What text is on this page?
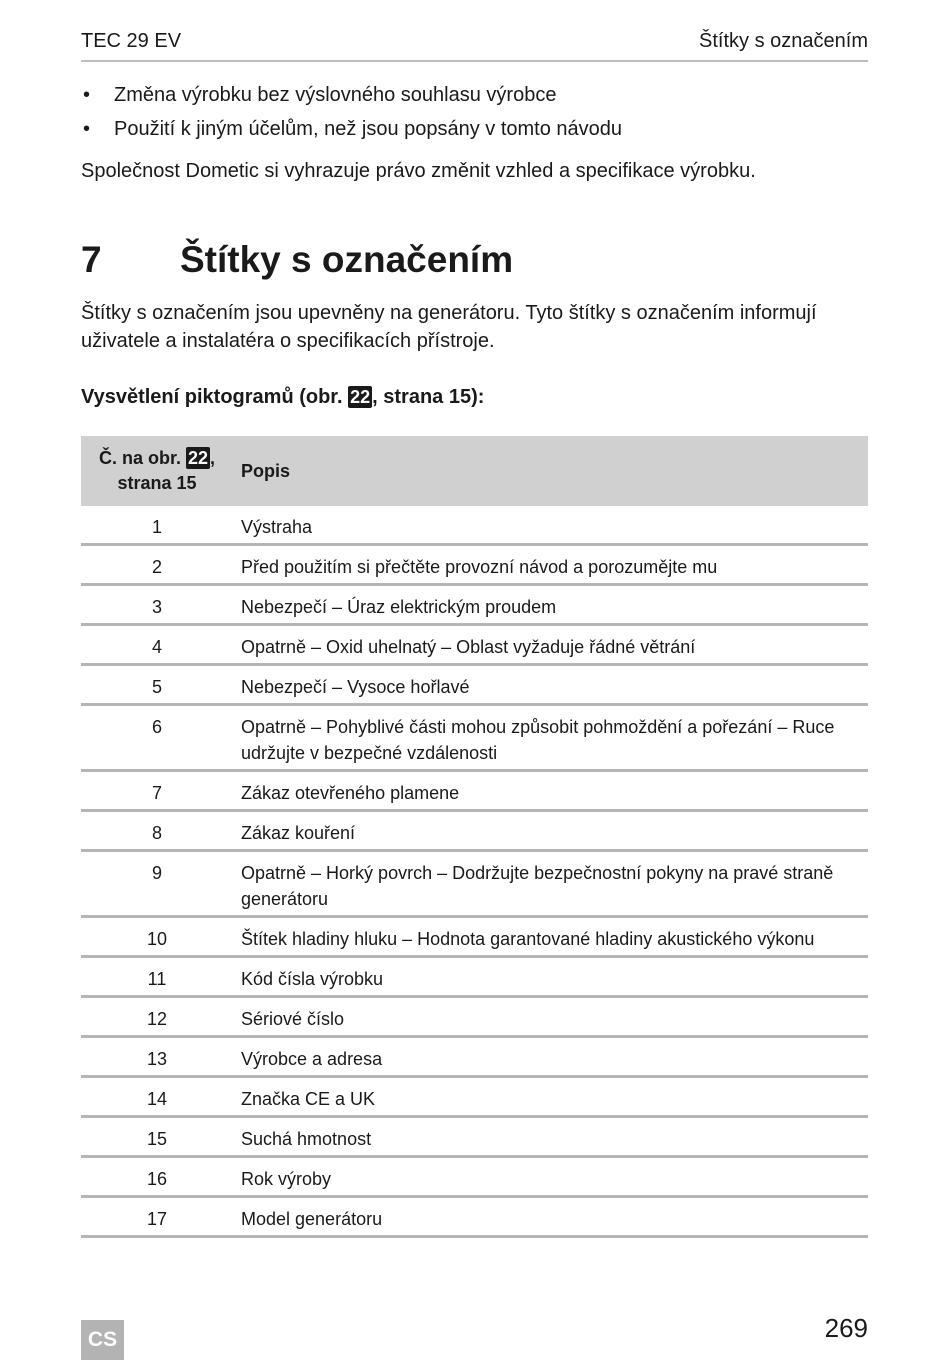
TEC 29 EV	Štítky s označením
• Změna výrobku bez výslovného souhlasu výrobce
• Použití k jiným účelům, než jsou popsány v tomto návodu
Společnost Dometic si vyhrazuje právo změnit vzhled a specifikace výrobku.
7 Štítky s označením
Štítky s označením jsou upevněny na generátoru. Tyto štítky s označením informují uživatele a instalatéra o specifikacích přístroje.
Vysvětlení piktogramů (obr. 22 , strana 15):
Č. na obr. 22 ,
strana 15
Popis
1	Výstraha
2	Před použitím si přečtěte provozní návod a porozumějte mu
3	Nebezpečí – Úraz elektrickým proudem
4	Opatrně – Oxid uhelnatý – Oblast vyžaduje řádné větrání
5	Nebezpečí – Vysoce hořlavé
6	Opatrně – Pohyblivé části mohou způsobit pohmoždění a pořezání – Ruce udržujte v bezpečné vzdálenosti
7	Zákaz otevřeného plamene
8	Zákaz kouření
9	Opatrně – Horký povrch – Dodržujte bezpečnostní pokyny na pravé straně generátoru
10	Štítek hladiny hluku – Hodnota garantované hladiny akustického výkonu
11	Kód čísla výrobku
12	Sériové číslo
13	Výrobce a adresa
14	Značka CE a UK
15	Suchá hmotnost
16	Rok výroby
17	Model generátoru
CS	269
